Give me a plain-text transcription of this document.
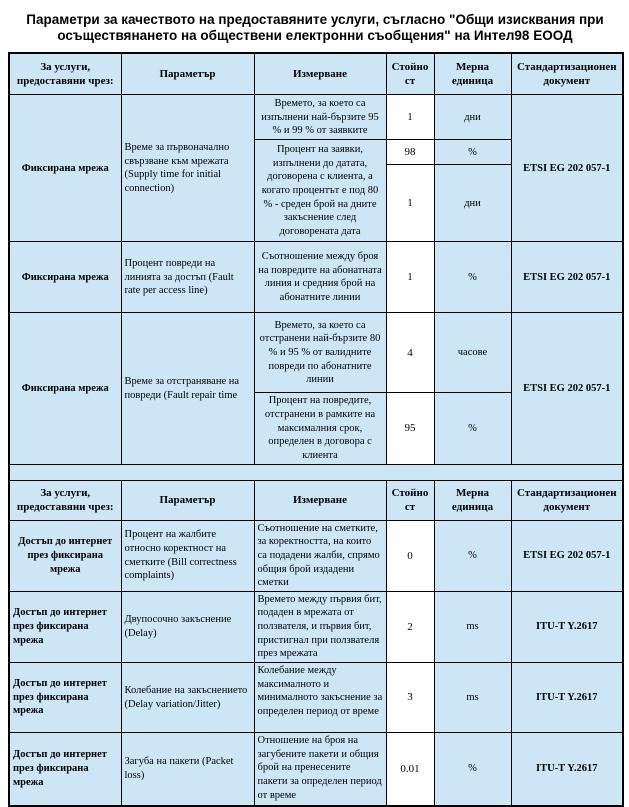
Параметри за качеството на предоставяните услуги, съгласно "Общи изисквания при
осъществянането на обществени електронни съобщения" на Интел98 ЕООД
За услуги, предоставяни чрез:	Параметър	Измерване	Стойност	Мерна единица	Стандартизационен документ
Фиксирана мрежа	Време за първоначално свързване към мрежата (Supply time for initial connection)	Времето, за което са изпълнени най-бързите 95 % и 99 % от заявките	1	дни	ETSI EG 202 057-1
		Процент на заявки, изпълнени до датата, договорена с клиента, а когато процентът е под 80 % - среден брой на дните закъснение след договорената дата	98	%	
			1	дни	
Фиксирана мрежа	Процент повреди на линията за достъп (Fault rate per access line)	Съотношение между броя на повредите на абонатната линия и средния брой на абонатните линии	1	%	ETSI EG 202 057-1
Фиксирана мрежа	Време за отстраняване на повреди (Fault repair time	Времето, за което са отстранени най-бързите 80 % и 95 % от валидните повреди по абонатните линии	4	часове	ETSI EG 202 057-1
		Процент на повредите, отстранени в рамките на максималния срок, определен в договора с клиента	95	%	

За услуги, предоставяни чрез:	Параметър	Измерване	Стойност	Мерна единица	Стандартизационен документ
Достъп до интернет през фиксирана мрежа	Процент на жалбите относно коректност на сметките (Bill correctness complaints)	Съотношение на сметките, за коректността, на които са подадени жалби, спрямо общия брой издадени сметки	0	%	ETSI EG 202 057-1
Достъп до интернет през фиксирана мрежа	Двупосочно закъснение (Delay)	Времето между първия бит, подаден в мрежата от ползвателя, и първия бит, пристигнал при ползвателя през мрежата	2	ms	ITU-T Y.2617
Достъп до интернет през фиксирана мрежа	Колебание на закъснението (Delay variation/Jitter)	Колебание между максималното и минималното закъснение за определен период от време	3	ms	ITU-T Y.2617
Достъп до интернет през фиксирана мрежа	Загуба на пакети (Packet loss)	Отношение на броя на загубените пакети и общия брой на пренесените пакети за определен период от време	0.01	%	ITU-T Y.2617
